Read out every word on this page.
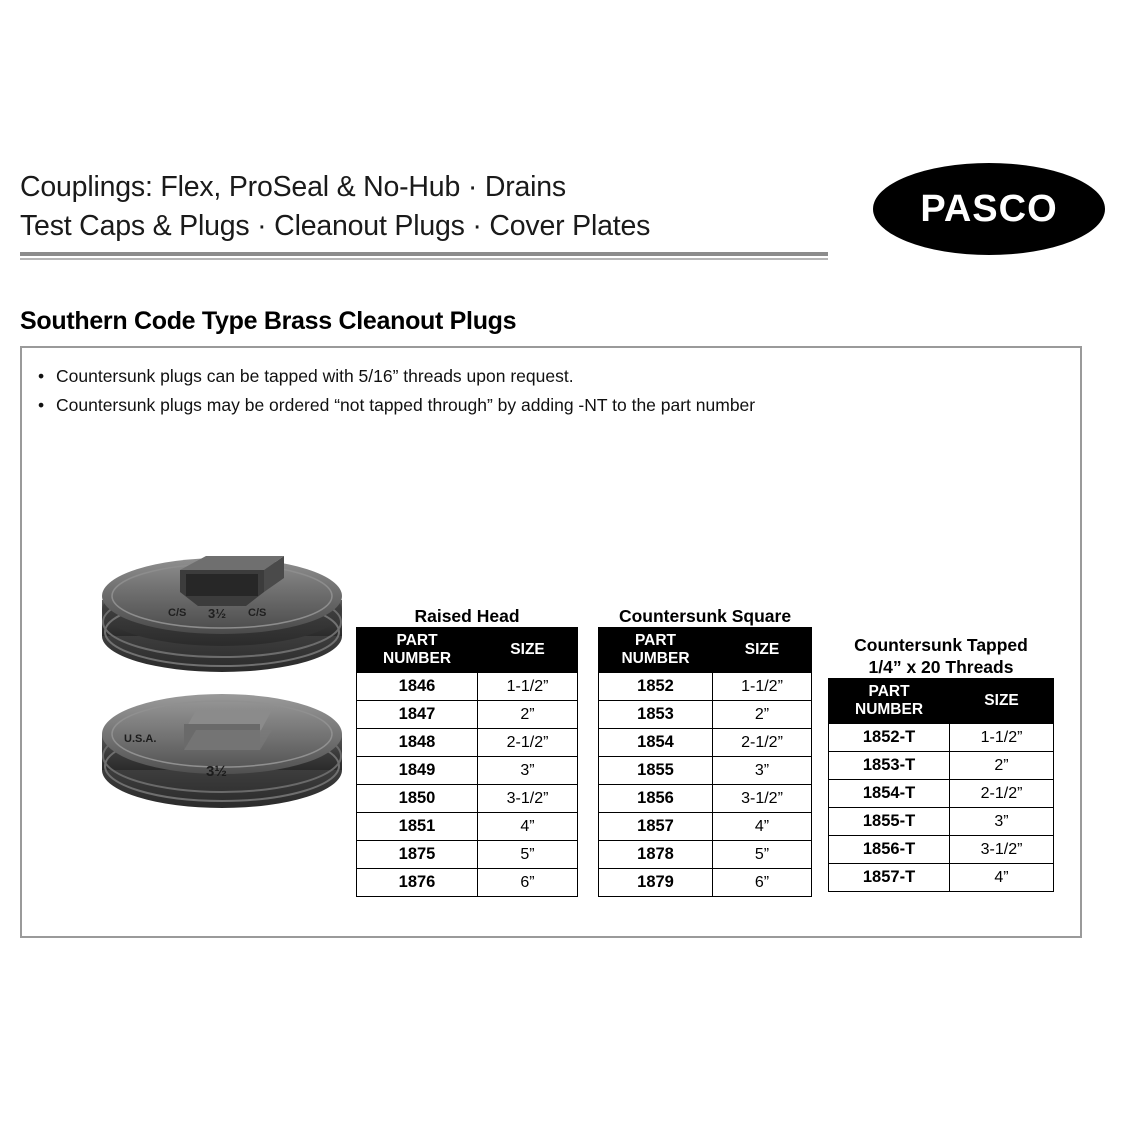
Couplings: Flex, ProSeal & No-Hub · Drains
Test Caps & Plugs · Cleanout Plugs · Cover Plates	PASCO
Southern Code Type Brass Cleanout Plugs
• Countersunk plugs can be tapped with 5/16” threads upon request.
• Countersunk plugs may be ordered “not tapped through” by adding -NT to the part number
C/S 3½ C/S
U.S.A.
3½
Raised Head
PART
NUMBER	SIZE
1846	1-1/2”
1847	2”
1848	2-1/2”
1849	3”
1850	3-1/2”
1851	4”
1875	5”
1876	6”
Countersunk Square
PART
NUMBER	SIZE
1852	1-1/2”
1853	2”
1854	2-1/2”
1855	3”
1856	3-1/2”
1857	4”
1878	5”
1879	6”
Countersunk Tapped
1/4” x 20 Threads
PART
NUMBER	SIZE
1852-T	1-1/2”
1853-T	2”
1854-T	2-1/2”
1855-T	3”
1856-T	3-1/2”
1857-T	4”
